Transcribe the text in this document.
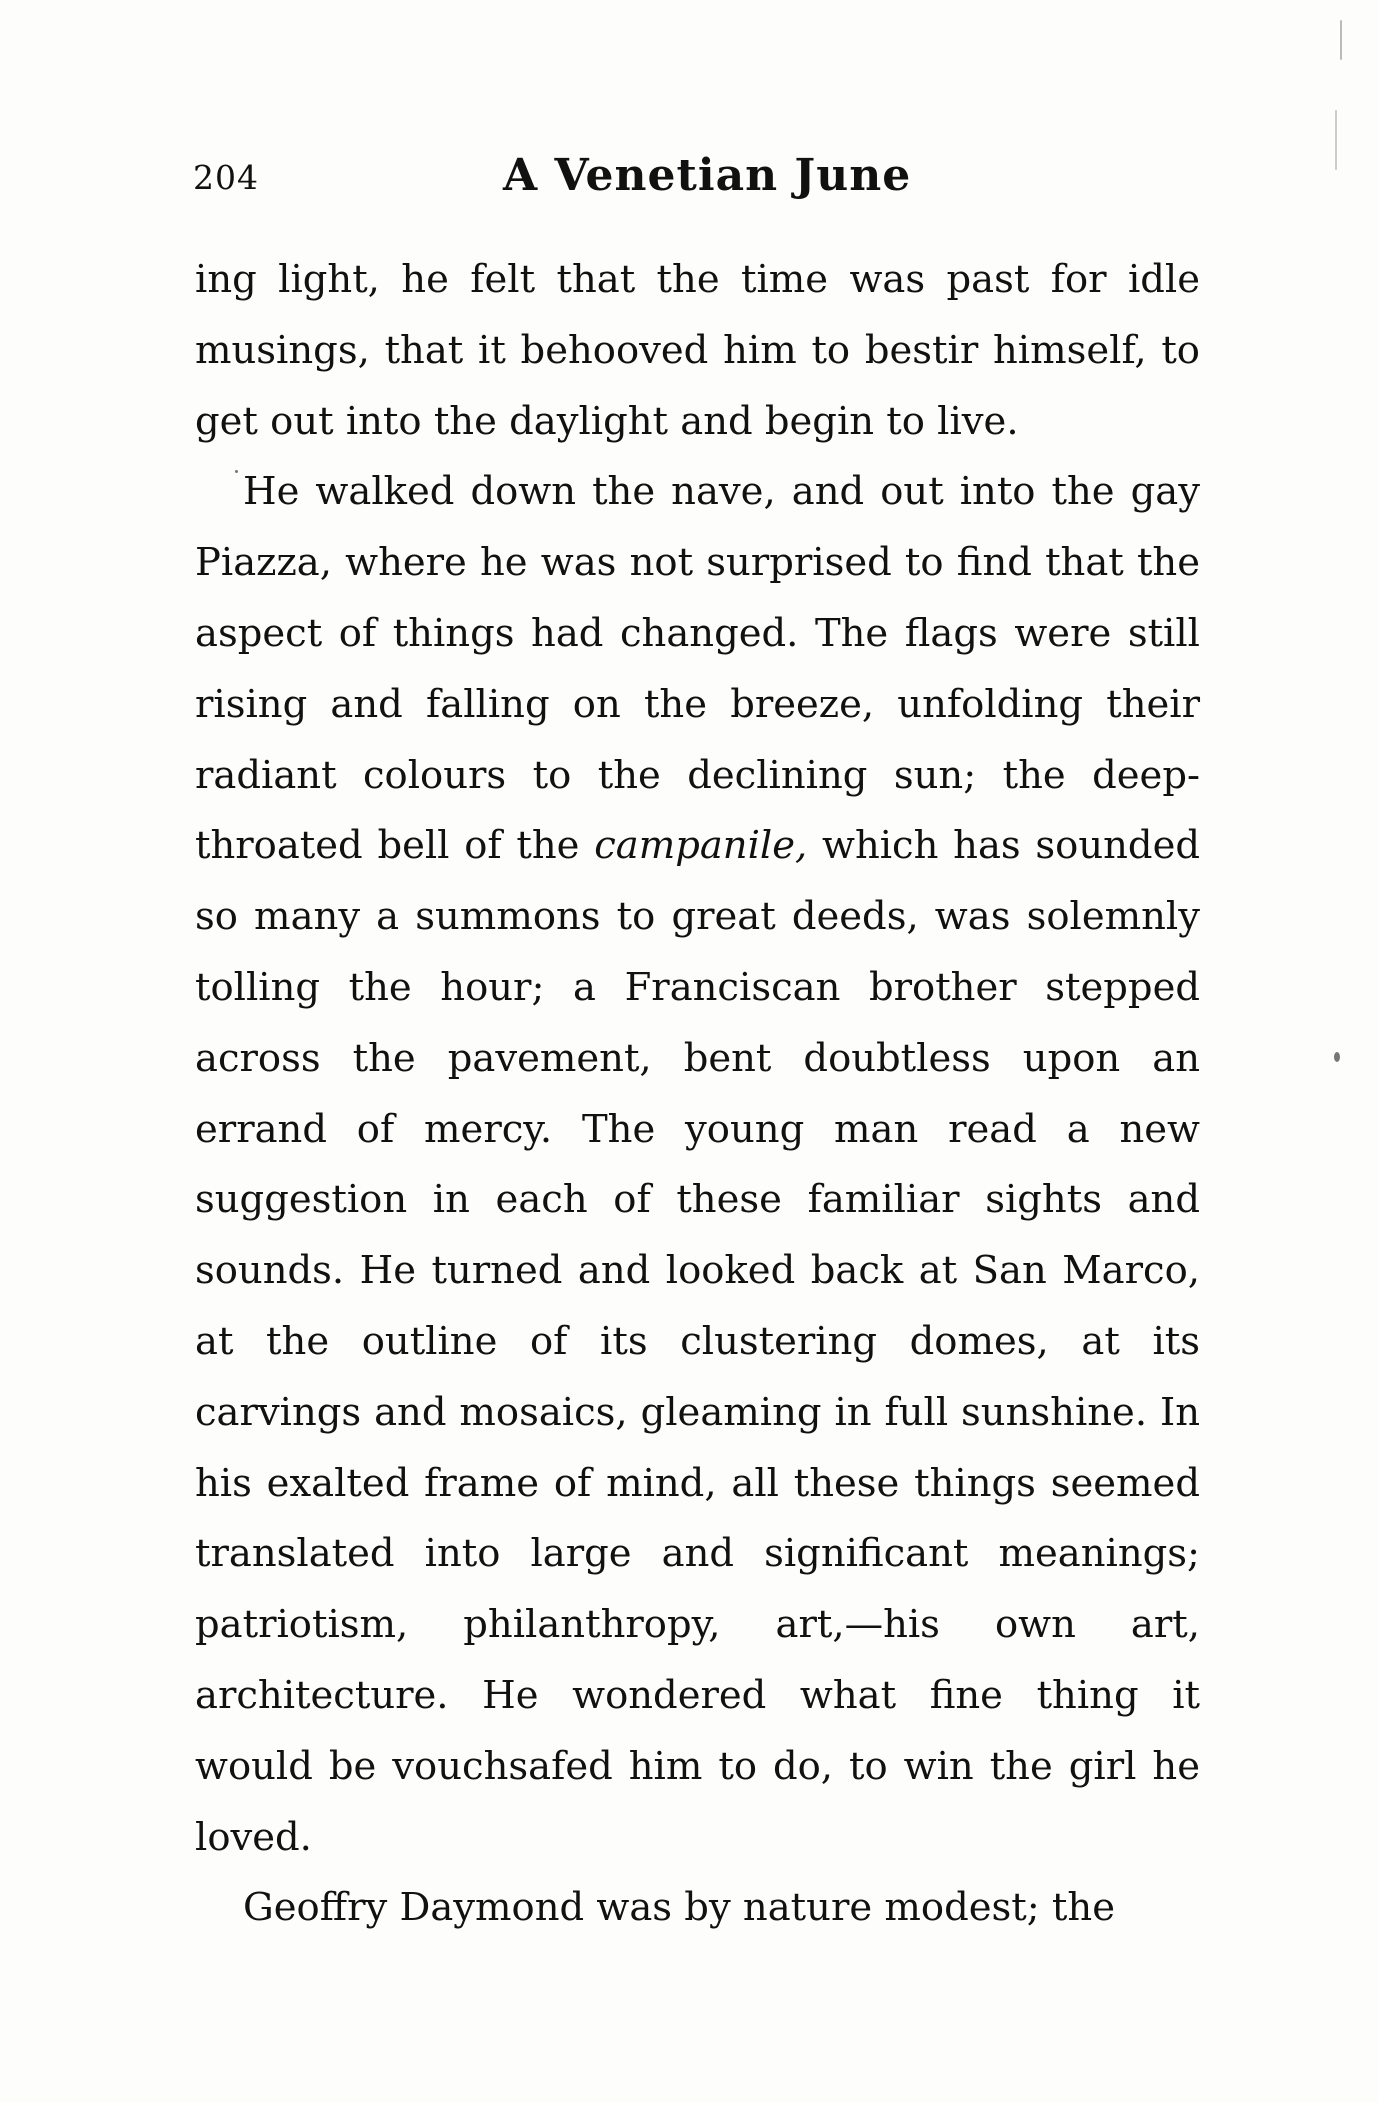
204	A Venetian June

ing light, he felt that the time was past for idle musings, that it behooved him to bestir himself, to get out into the daylight and begin to live.

He walked down the nave, and out into the gay Piazza, where he was not surprised to find that the aspect of things had changed. The flags were still rising and falling on the breeze, unfolding their radiant colours to the declining sun; the deep-throated bell of the campanile, which has sounded so many a summons to great deeds, was solemnly tolling the hour; a Franciscan brother stepped across the pavement, bent doubtless upon an errand of mercy. The young man read a new suggestion in each of these familiar sights and sounds. He turned and looked back at San Marco, at the outline of its clustering domes, at its carvings and mosaics, gleaming in full sunshine. In his exalted frame of mind, all these things seemed translated into large and significant meanings; patriotism, philanthropy, art,—his own art, architecture. He wondered what fine thing it would be vouchsafed him to do, to win the girl he loved.

Geoffry Daymond was by nature modest; the
